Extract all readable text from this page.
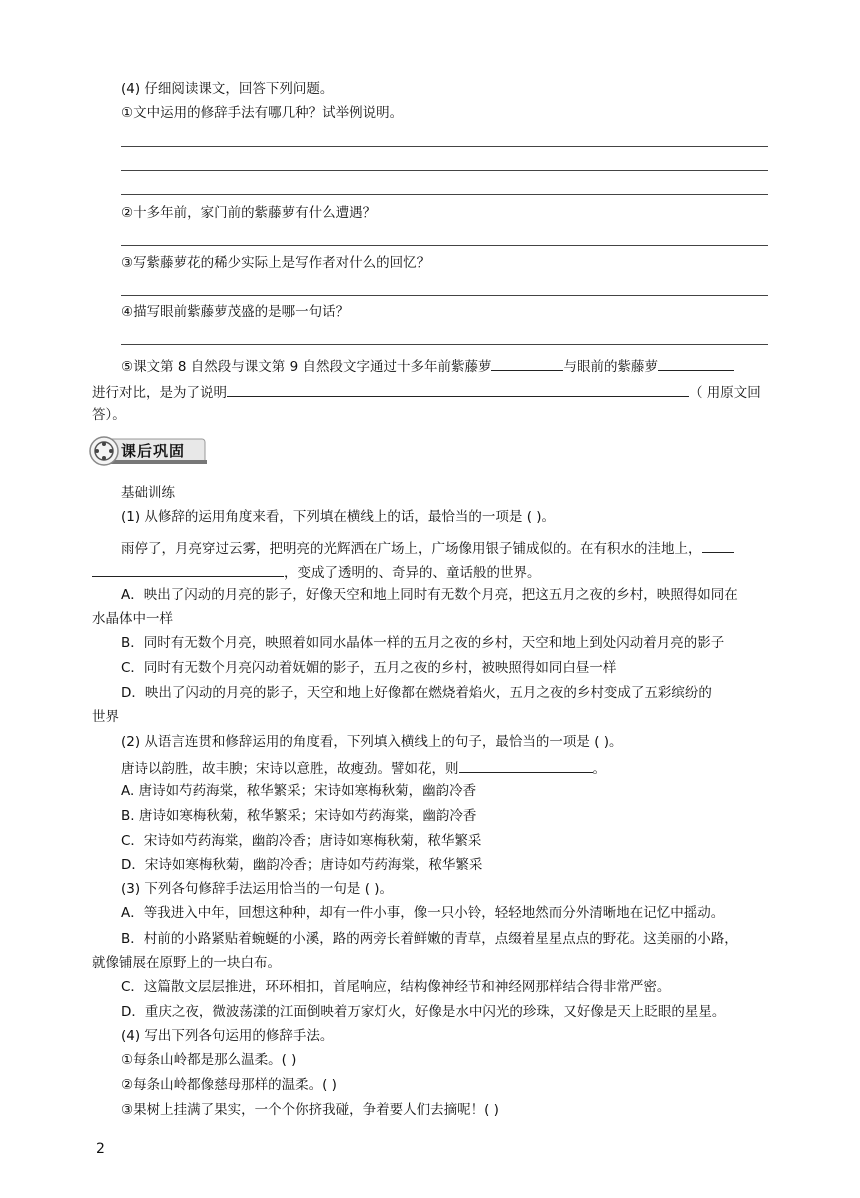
(4) 仔细阅读课文，回答下列问题。
①文中运用的修辞手法有哪几种？试举例说明。
②十多年前，家门前的紫藤萝有什么遭遇？
③写紫藤萝花的稀少实际上是写作者对什么的回忆？
④描写眼前紫藤萝茂盛的是哪一句话？
⑤课文第 8 自然段与课文第 9 自然段文字通过十多年前紫藤萝	与眼前的紫藤萝
进行对比，是为了说明	（ 用原文回
答）。
课后巩固
基础训练
(1) 从修辞的运用角度来看，下列填在横线上的话，最恰当的一项是 ( )。
雨停了，月亮穿过云雾，把明亮的光辉洒在广场上，广场像用银子铺成似的。在有积水的洼地上，
，变成了透明的、奇异的、童话般的世界。
A．映出了闪动的月亮的影子，好像天空和地上同时有无数个月亮，把这五月之夜的乡村，映照得如同在
水晶体中一样
B．同时有无数个月亮，映照着如同水晶体一样的五月之夜的乡村，天空和地上到处闪动着月亮的影子
C．同时有无数个月亮闪动着妩媚的影子，五月之夜的乡村，被映照得如同白昼一样
D．映出了闪动的月亮的影子，天空和地上好像都在燃烧着焰火，五月之夜的乡村变成了五彩缤纷的
世界
(2) 从语言连贯和修辞运用的角度看，下列填入横线上的句子，最恰当的一项是 ( )。
唐诗以韵胜，故丰腴；宋诗以意胜，故瘦劲。譬如花，则	。
A. 唐诗如芍药海棠，秾华繁采；宋诗如寒梅秋菊，幽韵冷香
B. 唐诗如寒梅秋菊，秾华繁采；宋诗如芍药海棠，幽韵冷香
C．宋诗如芍药海棠，幽韵冷香；唐诗如寒梅秋菊，秾华繁采
D．宋诗如寒梅秋菊，幽韵冷香；唐诗如芍药海棠，秾华繁采
(3) 下列各句修辞手法运用恰当的一句是 ( )。
A．等我进入中年，回想这种种，却有一件小事，像一只小铃，轻轻地然而分外清晰地在记忆中摇动。
B．村前的小路紧贴着蜿蜒的小溪，路的两旁长着鲜嫩的青草，点缀着星星点点的野花。这美丽的小路，
就像铺展在原野上的一块白布。
C．这篇散文层层推进，环环相扣，首尾响应，结构像神经节和神经网那样结合得非常严密。
D．重庆之夜，微波荡漾的江面倒映着万家灯火，好像是水中闪光的珍珠，又好像是天上眨眼的星星。
(4) 写出下列各句运用的修辞手法。
①每条山岭都是那么温柔。( )
②每条山岭都像慈母那样的温柔。( )
③果树上挂满了果实，一个个你挤我碰，争着要人们去摘呢！( )
2
